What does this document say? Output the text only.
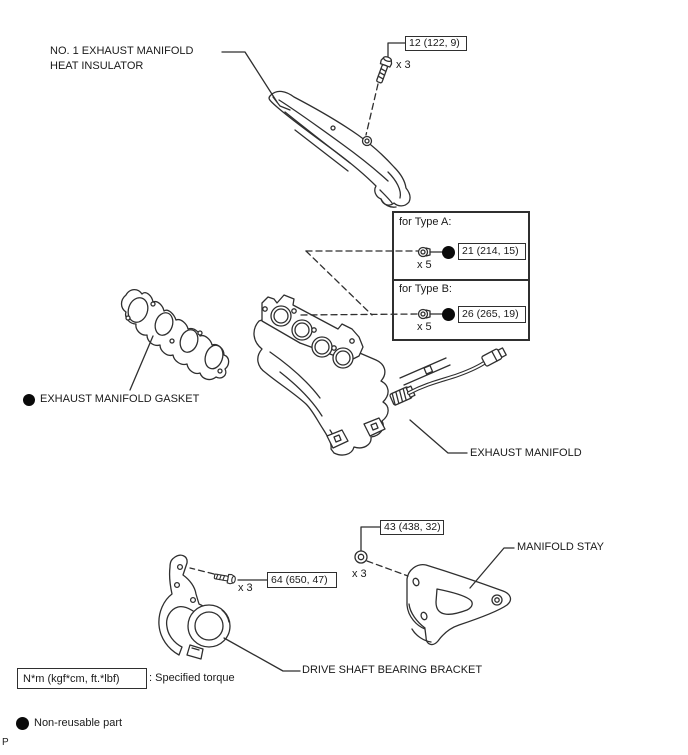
NO. 1 EXHAUST MANIFOLD
HEAT INSULATOR
12 (122, 9)
x 3
for Type A:
21 (214, 15)
x 5
for Type B:
26 (265, 19)
x 5
EXHAUST MANIFOLD GASKET
EXHAUST MANIFOLD
43 (438, 32)
x 3
MANIFOLD STAY
64 (650, 47)
x 3
DRIVE SHAFT BEARING BRACKET
N*m (kgf*cm, ft.*lbf)	: Specified torque
Non-reusable part
P
